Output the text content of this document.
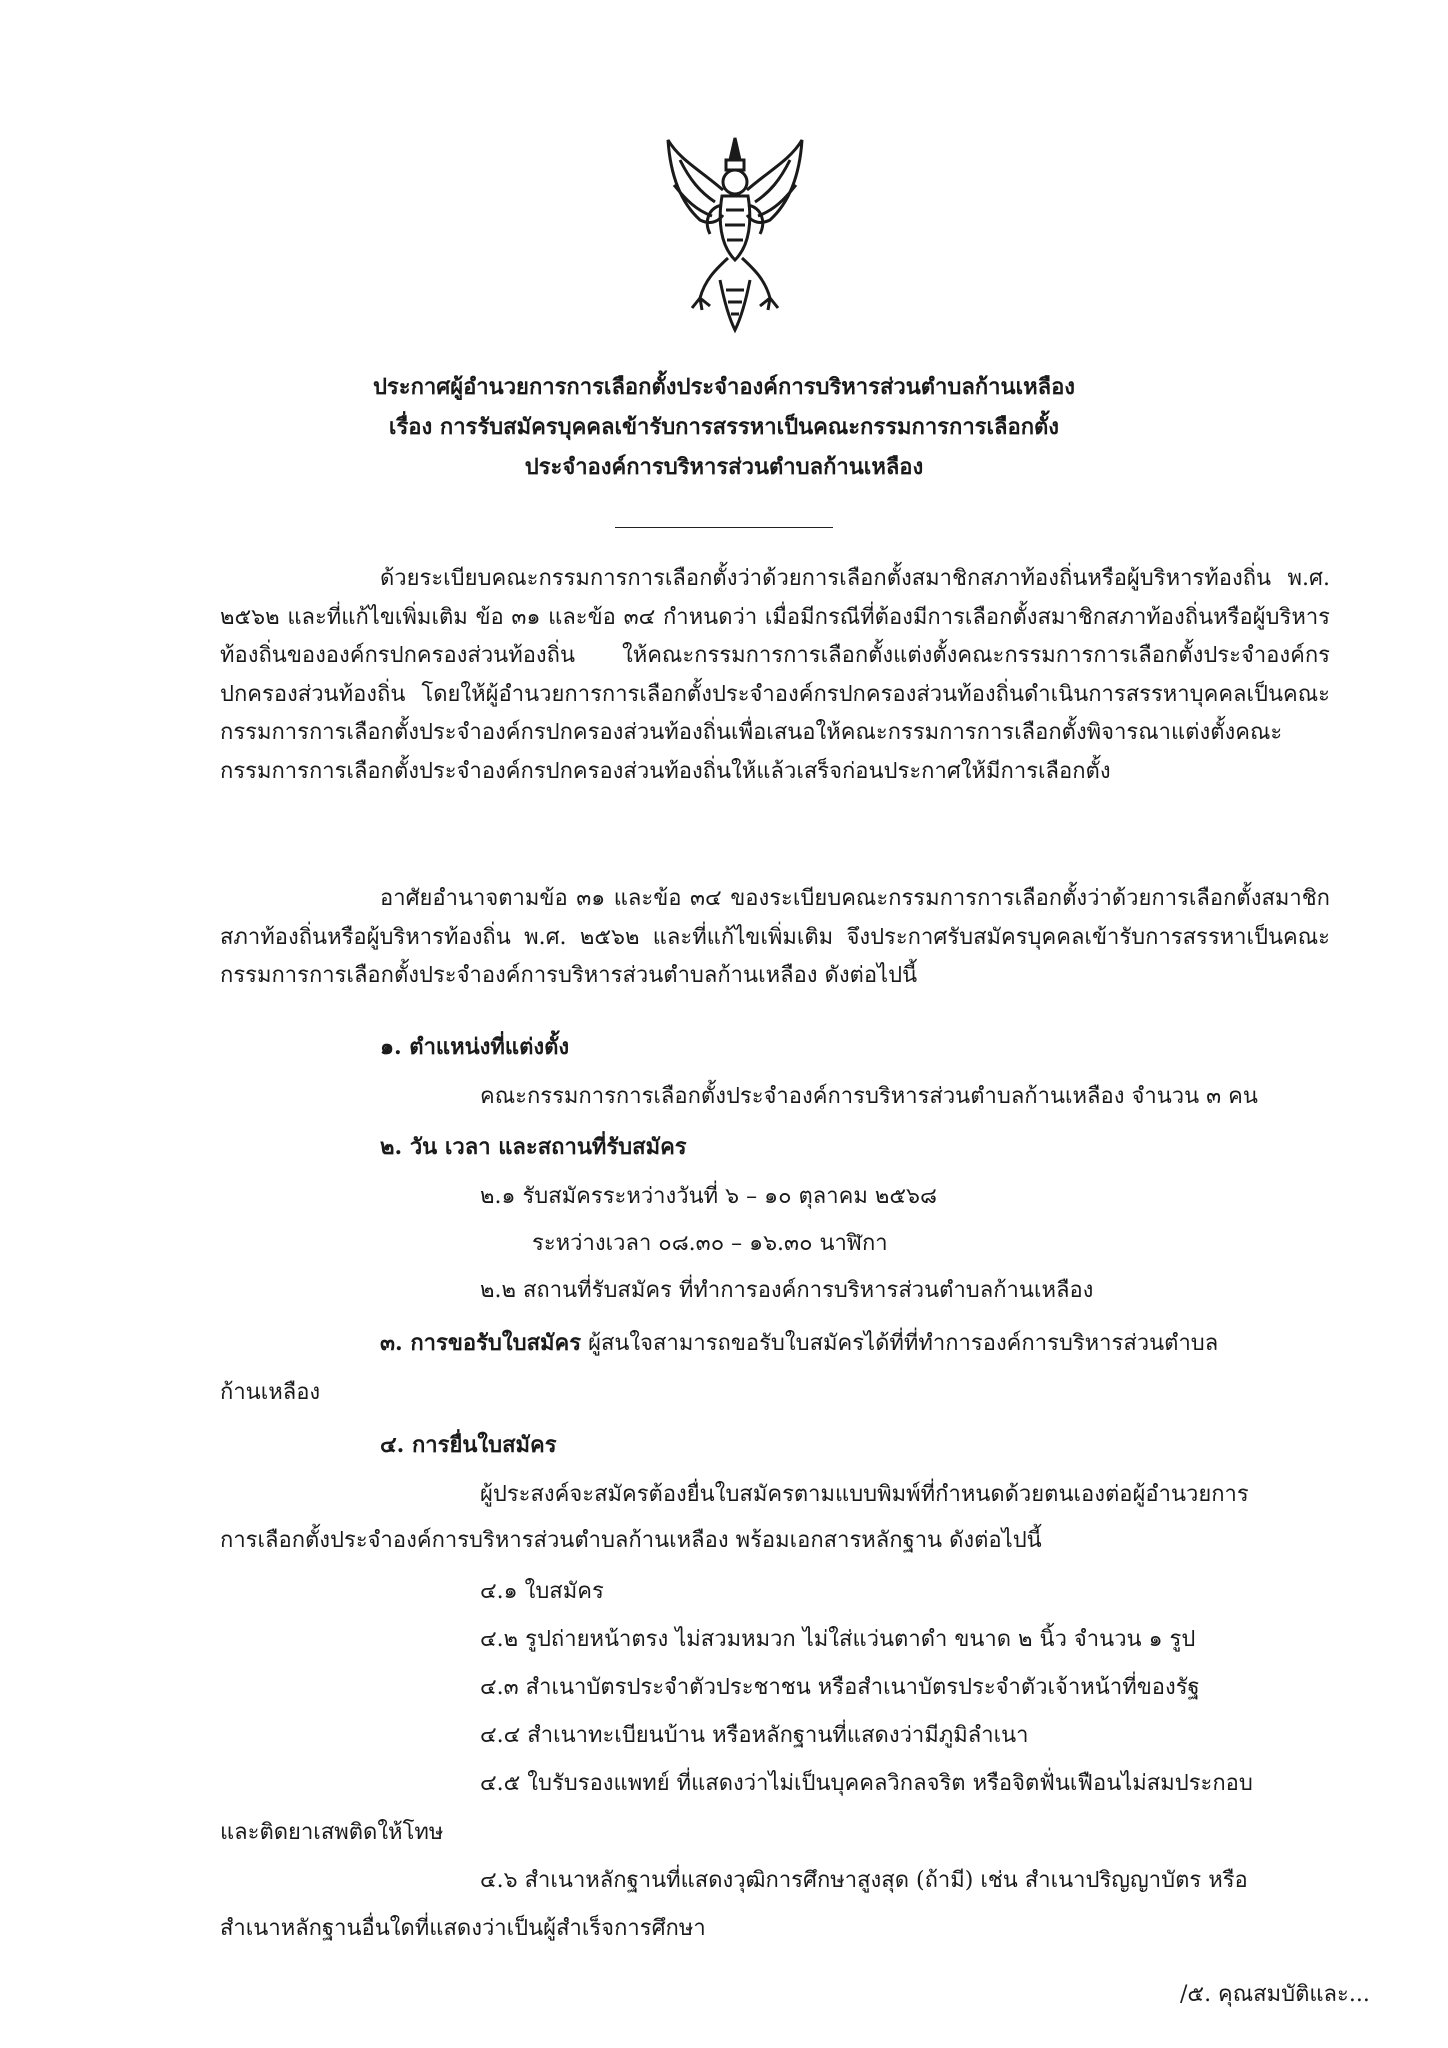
ประกาศผู้อำนวยการการเลือกตั้งประจำองค์การบริหารส่วนตำบลก้านเหลือง
เรื่อง การรับสมัครบุคคลเข้ารับการสรรหาเป็นคณะกรรมการการเลือกตั้ง
ประจำองค์การบริหารส่วนตำบลก้านเหลือง
ด้วยระเบียบคณะกรรมการการเลือกตั้งว่าด้วยการเลือกตั้งสมาชิกสภาท้องถิ่นหรือผู้บริหารท้องถิ่น พ.ศ. ๒๕๖๒ และที่แก้ไขเพิ่มเติม ข้อ ๓๑ และข้อ ๓๔ กำหนดว่า เมื่อมีกรณีที่ต้องมีการเลือกตั้งสมาชิกสภาท้องถิ่นหรือผู้บริหารท้องถิ่นขององค์กรปกครองส่วนท้องถิ่น ให้คณะกรรมการการเลือกตั้งแต่งตั้งคณะกรรมการการเลือกตั้งประจำองค์กรปกครองส่วนท้องถิ่น โดยให้ผู้อำนวยการการเลือกตั้งประจำองค์กรปกครองส่วนท้องถิ่นดำเนินการสรรหาบุคคลเป็นคณะกรรมการการเลือกตั้งประจำองค์กรปกครองส่วนท้องถิ่นเพื่อเสนอให้คณะกรรมการการเลือกตั้งพิจารณาแต่งตั้งคณะกรรมการการเลือกตั้งประจำองค์กรปกครองส่วนท้องถิ่นให้แล้วเสร็จก่อนประกาศให้มีการเลือกตั้ง
อาศัยอำนาจตามข้อ ๓๑ และข้อ ๓๔ ของระเบียบคณะกรรมการการเลือกตั้งว่าด้วยการเลือกตั้งสมาชิกสภาท้องถิ่นหรือผู้บริหารท้องถิ่น พ.ศ. ๒๕๖๒ และที่แก้ไขเพิ่มเติม จึงประกาศรับสมัครบุคคลเข้ารับการสรรหาเป็นคณะกรรมการการเลือกตั้งประจำองค์การบริหารส่วนตำบลก้านเหลือง ดังต่อไปนี้
๑. ตำแหน่งที่แต่งตั้ง
คณะกรรมการการเลือกตั้งประจำองค์การบริหารส่วนตำบลก้านเหลือง จำนวน ๓ คน
๒. วัน เวลา และสถานที่รับสมัคร
๒.๑ รับสมัครระหว่างวันที่ ๖ – ๑๐ ตุลาคม ๒๕๖๘
ระหว่างเวลา ๐๘.๓๐ – ๑๖.๓๐ นาฬิกา
๒.๒ สถานที่รับสมัคร ที่ทำการองค์การบริหารส่วนตำบลก้านเหลือง
๓. การขอรับใบสมัคร ผู้สนใจสามารถขอรับใบสมัครได้ที่ที่ทำการองค์การบริหารส่วนตำบล
ก้านเหลือง
๔. การยื่นใบสมัคร
ผู้ประสงค์จะสมัครต้องยื่นใบสมัครตามแบบพิมพ์ที่กำหนดด้วยตนเองต่อผู้อำนวยการ
การเลือกตั้งประจำองค์การบริหารส่วนตำบลก้านเหลือง พร้อมเอกสารหลักฐาน ดังต่อไปนี้
๔.๑ ใบสมัคร
๔.๒ รูปถ่ายหน้าตรง ไม่สวมหมวก ไม่ใส่แว่นตาดำ ขนาด ๒ นิ้ว จำนวน ๑ รูป
๔.๓ สำเนาบัตรประจำตัวประชาชน หรือสำเนาบัตรประจำตัวเจ้าหน้าที่ของรัฐ
๔.๔ สำเนาทะเบียนบ้าน หรือหลักฐานที่แสดงว่ามีภูมิลำเนา
๔.๕ ใบรับรองแพทย์ ที่แสดงว่าไม่เป็นบุคคลวิกลจริต หรือจิตฟั่นเฟือนไม่สมประกอบ
และติดยาเสพติดให้โทษ
๔.๖ สำเนาหลักฐานที่แสดงวุฒิการศึกษาสูงสุด (ถ้ามี) เช่น สำเนาปริญญาบัตร หรือ
สำเนาหลักฐานอื่นใดที่แสดงว่าเป็นผู้สำเร็จการศึกษา
/๕. คุณสมบัติและ...
